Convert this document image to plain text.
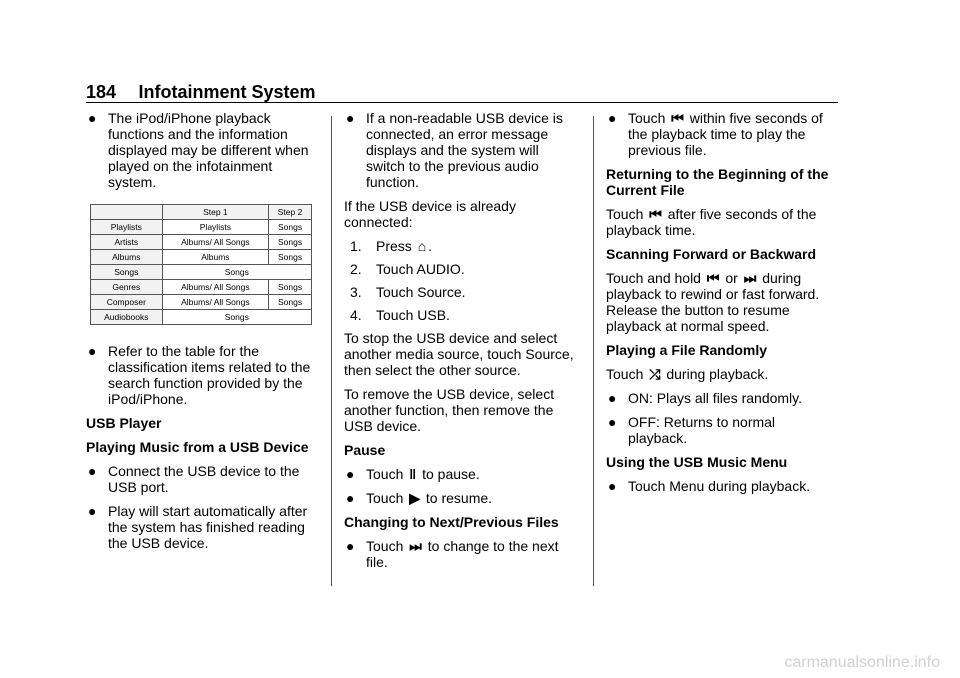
184 Infotainment System
● The iPod/iPhone playback functions and the information displayed may be different when played on the infotainment system.
	Step 1	Step 2
Playlists	Playlists	Songs
Artists	Albums/ All Songs	Songs
Albums	Albums	Songs
Songs	Songs	
Genres	Albums/ All Songs	Songs
Composer	Albums/ All Songs	Songs
Audiobooks	Songs	
● Refer to the table for the classification items related to the search function provided by the iPod/iPhone.

USB Player

Playing Music from a USB Device

● Connect the USB device to the USB port.
● Play will start automatically after the system has finished reading the USB device.
● If a non-readable USB device is connected, an error message displays and the system will switch to the previous audio function.

If the USB device is already connected:

1. Press ⌂ .
2. Touch AUDIO.
3. Touch Source.
4. Touch USB.

To stop the USB device and select another media source, touch Source, then select the other source.

To remove the USB device, select another function, then remove the USB device.

Pause

● Touch ‖ to pause.
● Touch ▶ to resume.

Changing to Next/Previous Files

● Touch ⏭ to change to the next file.
● Touch ⏮ within five seconds of the playback time to play the previous file.

Returning to the Beginning of the Current File

Touch ⏮ after five seconds of the playback time.

Scanning Forward or Backward

Touch and hold ⏮ or ⏭ during playback to rewind or fast forward. Release the button to resume playback at normal speed.

Playing a File Randomly

Touch ⤮ during playback.

● ON: Plays all files randomly.
● OFF: Returns to normal playback.

Using the USB Music Menu

● Touch Menu during playback.
carmanualsonline.info
